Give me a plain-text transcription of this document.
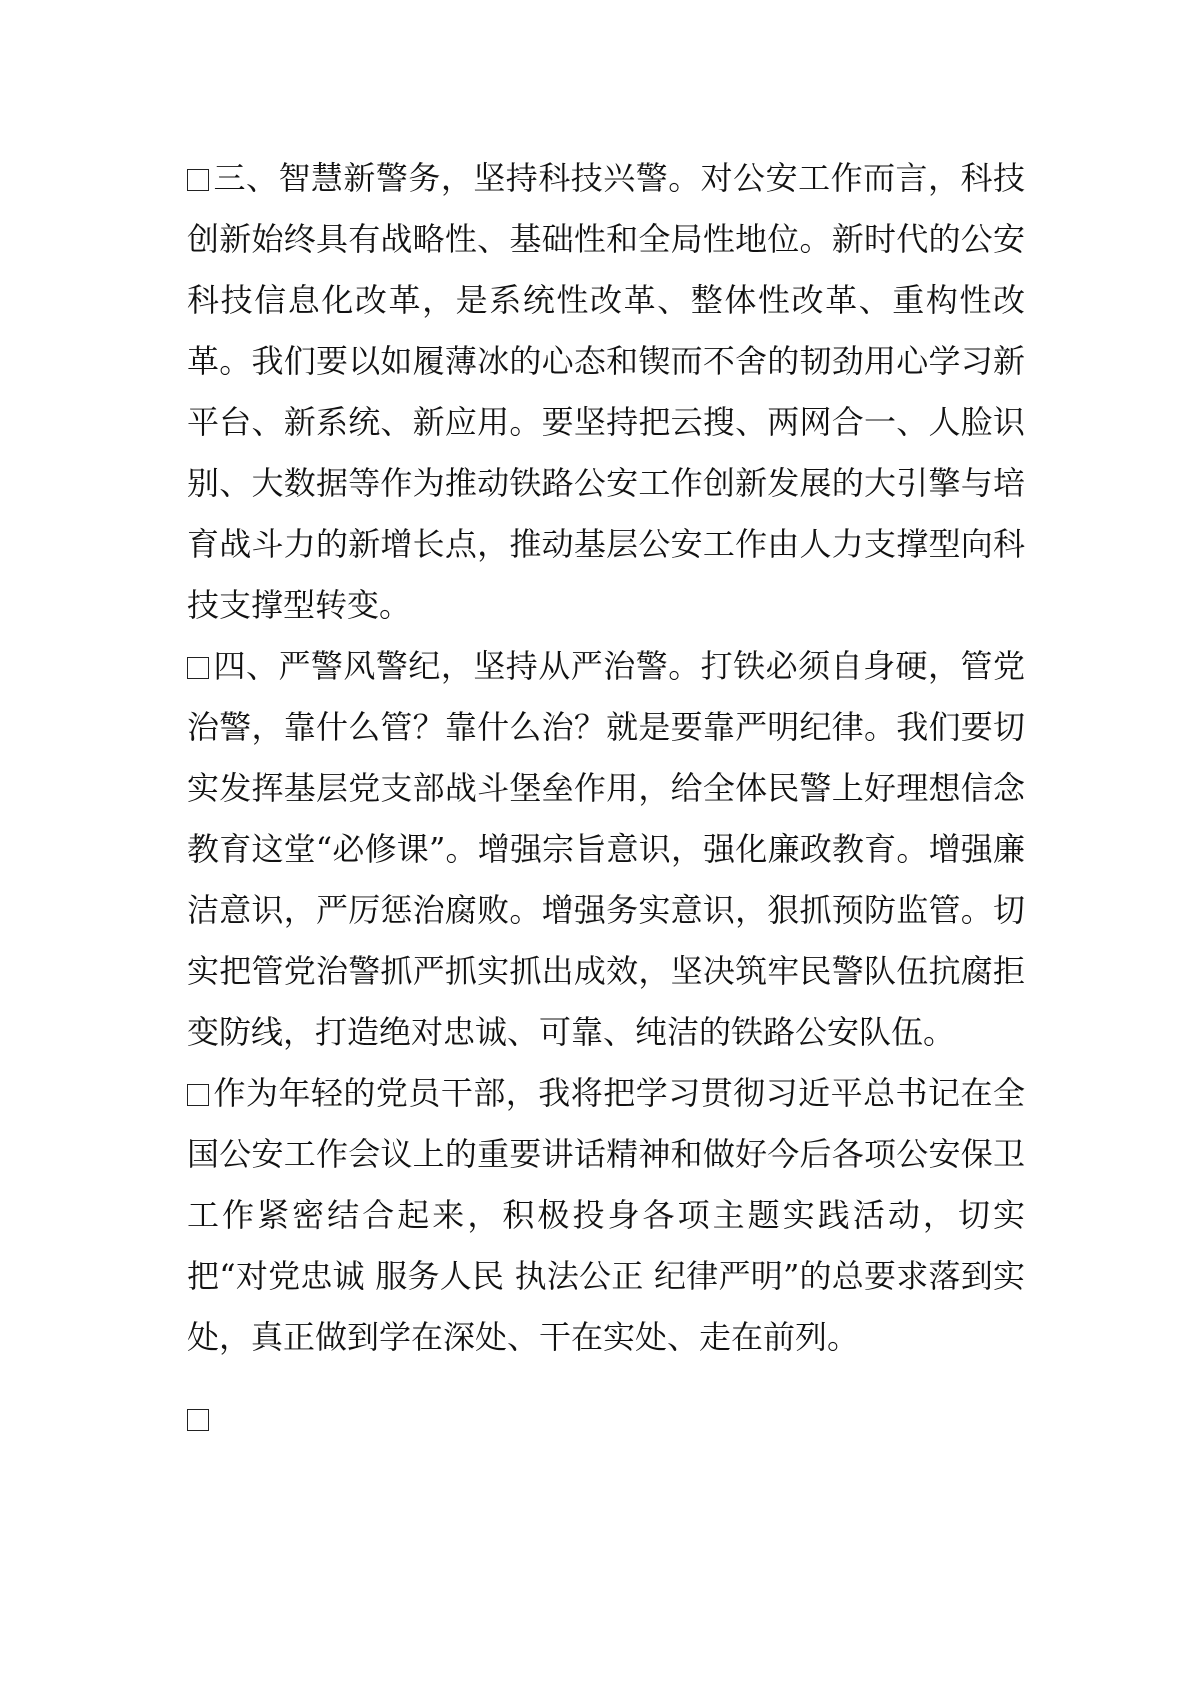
三、智慧新警务，坚持科技兴警。对公安工作而言，科技创新始终具有战略性、基础性和全局性地位。新时代的公安科技信息化改革，是系统性改革、整体性改革、重构性改革。我们要以如履薄冰的心态和锲而不舍的韧劲用心学习新平台、新系统、新应用。要坚持把云搜、两网合一、人脸识别、大数据等作为推动铁路公安工作创新发展的大引擎与培育战斗力的新增长点，推动基层公安工作由人力支撑型向科技支撑型转变。

四、严警风警纪，坚持从严治警。打铁必须自身硬，管党治警，靠什么管？靠什么治？就是要靠严明纪律。我们要切实发挥基层党支部战斗堡垒作用，给全体民警上好理想信念教育这堂“必修课”。增强宗旨意识，强化廉政教育。增强廉洁意识，严厉惩治腐败。增强务实意识，狠抓预防监管。切实把管党治警抓严抓实抓出成效，坚决筑牢民警队伍抗腐拒变防线，打造绝对忠诚、可靠、纯洁的铁路公安队伍。

作为年轻的党员干部，我将把学习贯彻习近平总书记在全国公安工作会议上的重要讲话精神和做好今后各项公安保卫工作紧密结合起来，积极投身各项主题实践活动，切实把“对党忠诚 服务人民 执法公正 纪律严明”的总要求落到实处，真正做到学在深处、干在实处、走在前列。
